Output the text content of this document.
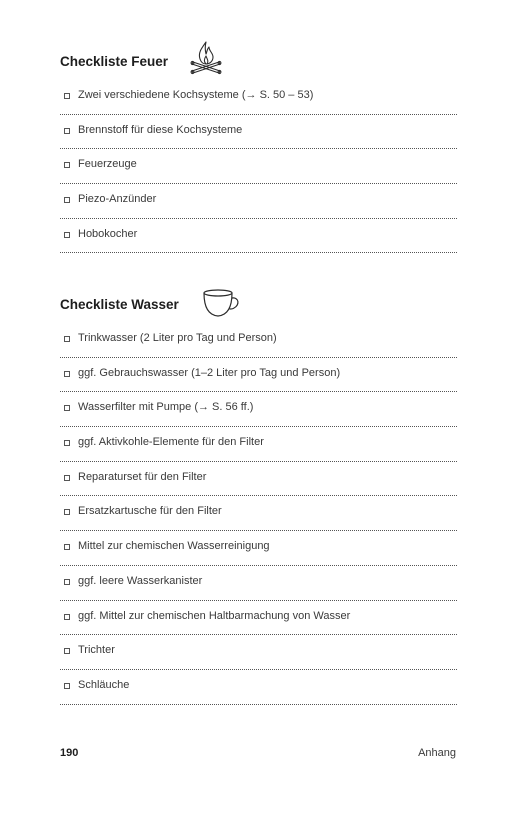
Checkliste Feuer
Zwei verschiedene Kochsysteme (→ S. 50 – 53)
Brennstoff für diese Kochsysteme
Feuerzeuge
Piezo-Anzünder
Hobokocher
Checkliste Wasser
Trinkwasser (2 Liter pro Tag und Person)
ggf. Gebrauchswasser (1–2 Liter pro Tag und Person)
Wasserfilter mit Pumpe (→ S. 56 ff.)
ggf. Aktivkohle-Elemente für den Filter
Reparaturset für den Filter
Ersatzkartusche für den Filter
Mittel zur chemischen Wasserreinigung
ggf. leere Wasserkanister
ggf. Mittel zur chemischen Haltbarmachung von Wasser
Trichter
Schläuche
190	Anhang
